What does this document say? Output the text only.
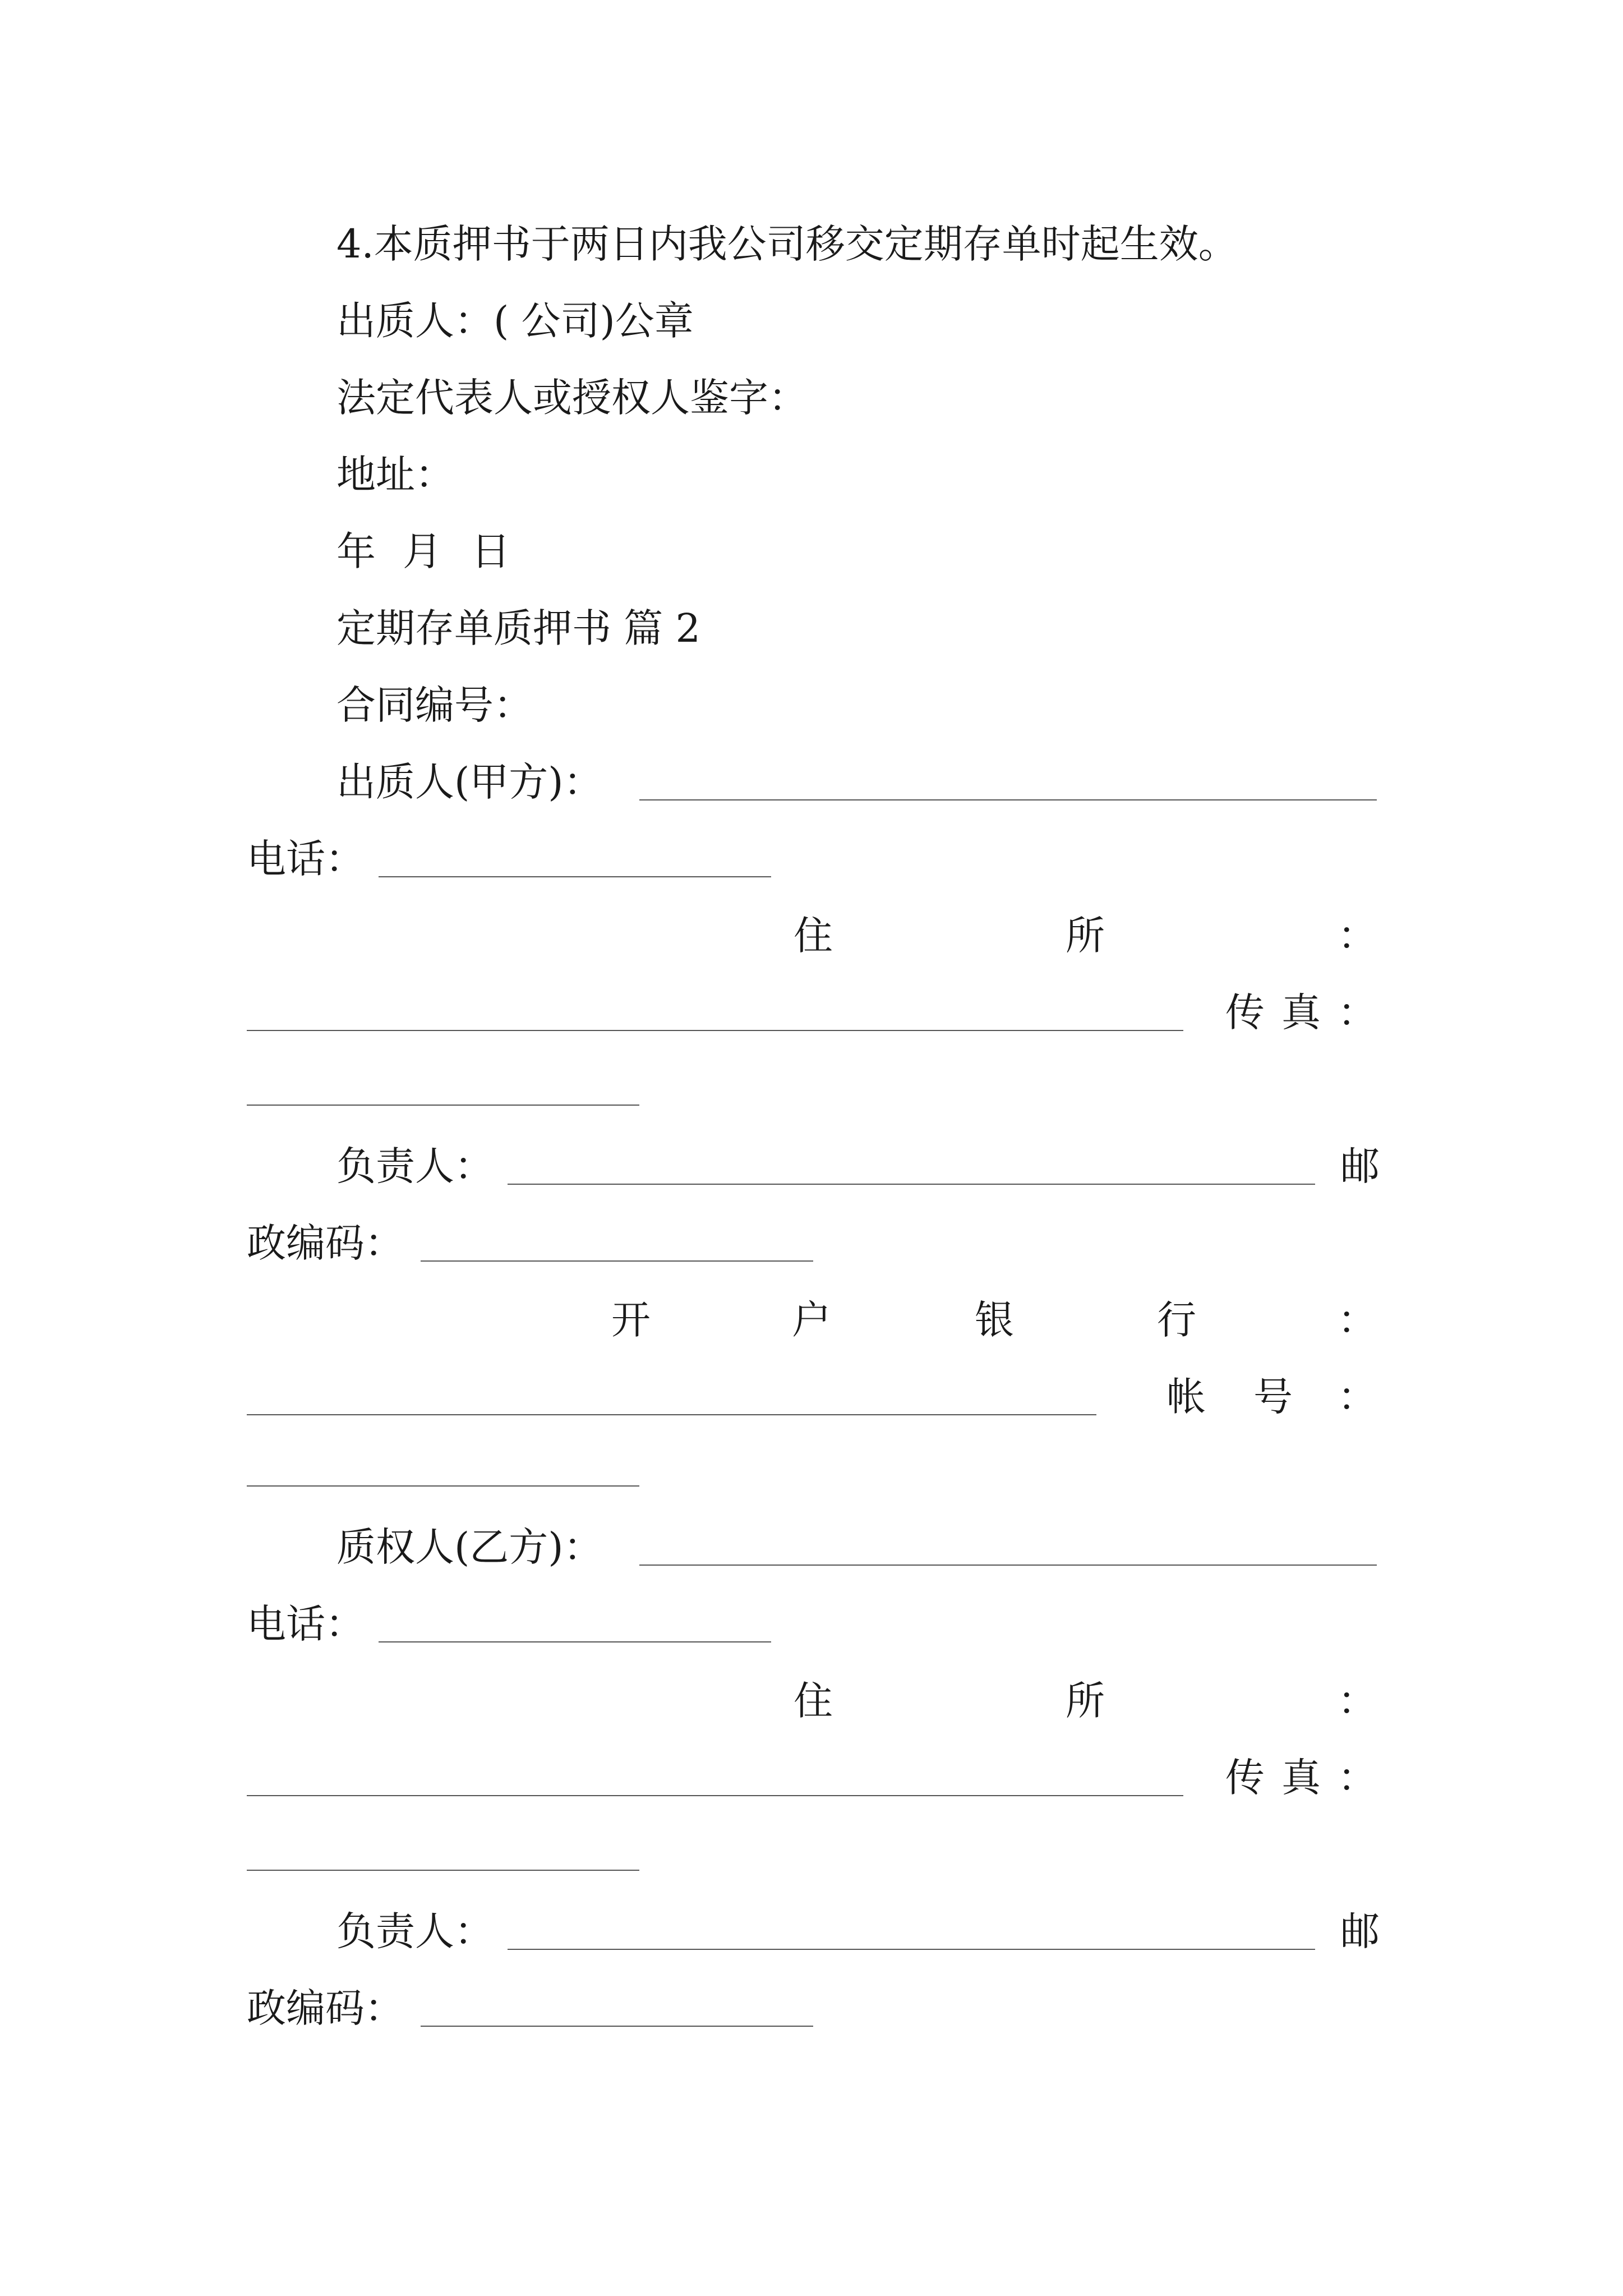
4.本质押书于两日内我公司移交定期存单时起生效。
出质人：( 公司)公章
法定代表人或授权人鉴字：
地址：
年 月 日
定期存单质押书 篇 2
合同编号：
出质人(甲方)：
电话：
住	所	：
传 真 ：
负责人：	邮
政编码：
开	户	银	行	：
帐 号 ：
质权人(乙方)：
电话：
住	所	：
传 真 ：
负责人：	邮
政编码：
